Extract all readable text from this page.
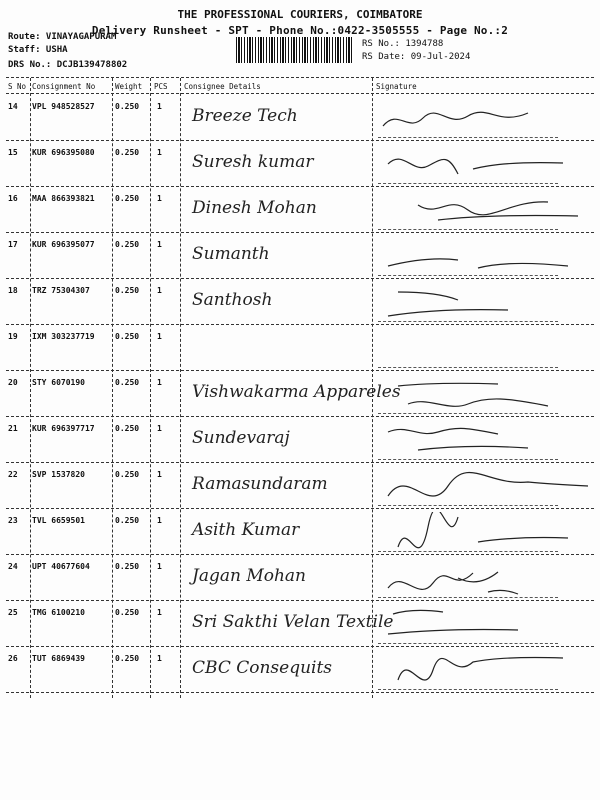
THE PROFESSIONAL COURIERS, COIMBATORE
Delivery Runsheet - SPT - Phone No.:0422-3505555 - Page No.:2
Route: VINAYAGAPURAM
Staff: USHA
DRS No.: DCJB139478802
RS No.: 1394788
RS Date: 09-Jul-2024
S No Consignment No	Weight PCS Consignee Details	Signature
14 VPL 948528527	0.250 1 Breeze Tech
15 KUR 696395080	0.250 1 Suresh kumar
16 MAA 866393821	0.250 1 Dinesh Mohan
17 KUR 696395077	0.250 1 Sumanth
18 TRZ 75304307	0.250 1 Santhosh
19 IXM 303237719	0.250 1
20 STY 6070190	0.250 1 Vishwakarma Appareles
21 KUR 696397717	0.250 1 Sundevaraj
22 SVP 1537820	0.250 1 Ramasundaram
23 TVL 6659501	0.250 1 Asith Kumar
24 UPT 40677604	0.250 1 Jagan Mohan
25 TMG 6100210	0.250 1 Sri Sakthi Velan Textile
26 TUT 6869439	0.250 1 CBC Consequits
